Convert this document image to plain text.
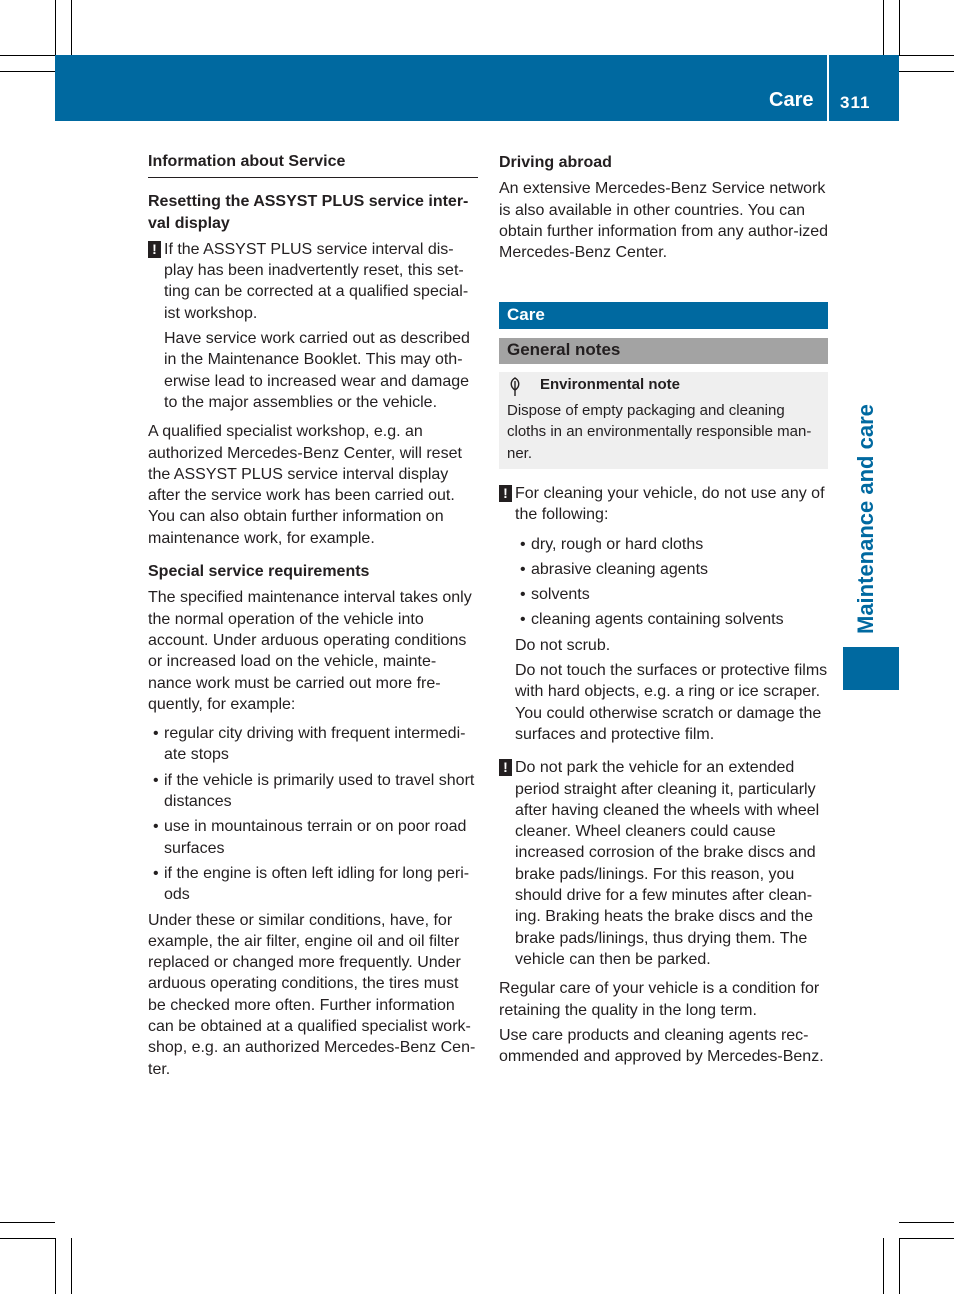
Care 311
Maintenance and care

Information about Service

Resetting the ASSYST PLUS service inter-val display

! If the ASSYST PLUS service interval dis-play has been inadvertently reset, this set-ting can be corrected at a qualified special-ist workshop.

Have service work carried out as described in the Maintenance Booklet. This may oth-erwise lead to increased wear and damage to the major assemblies or the vehicle.

A qualified specialist workshop, e.g. an authorized Mercedes-Benz Center, will reset the ASSYST PLUS service interval display after the service work has been carried out. You can also obtain further information on maintenance work, for example.

Special service requirements

The specified maintenance interval takes only the normal operation of the vehicle into account. Under arduous operating conditions or increased load on the vehicle, mainte-nance work must be carried out more fre-quently, for example:

• regular city driving with frequent intermedi-ate stops

• if the vehicle is primarily used to travel short distances

• use in mountainous terrain or on poor road surfaces

• if the engine is often left idling for long peri-ods

Under these or similar conditions, have, for example, the air filter, engine oil and oil filter replaced or changed more frequently. Under arduous operating conditions, the tires must be checked more often. Further information can be obtained at a qualified specialist work-shop, e.g. an authorized Mercedes-Benz Cen-ter.

Driving abroad

An extensive Mercedes-Benz Service network is also available in other countries. You can obtain further information from any author-ized Mercedes-Benz Center.

Care
General notes
Environmental note
Dispose of empty packaging and cleaning cloths in an environmentally responsible man-ner.

! For cleaning your vehicle, do not use any of the following:

• dry, rough or hard cloths

• abrasive cleaning agents

• solvents

• cleaning agents containing solvents

Do not scrub.

Do not touch the surfaces or protective films with hard objects, e.g. a ring or ice scraper. You could otherwise scratch or damage the surfaces and protective film.

! Do not park the vehicle for an extended period straight after cleaning it, particularly after having cleaned the wheels with wheel cleaner. Wheel cleaners could cause increased corrosion of the brake discs and brake pads/linings. For this reason, you should drive for a few minutes after clean-ing. Braking heats the brake discs and the brake pads/linings, thus drying them. The vehicle can then be parked.

Regular care of your vehicle is a condition for retaining the quality in the long term.

Use care products and cleaning agents rec-ommended and approved by Mercedes-Benz.
